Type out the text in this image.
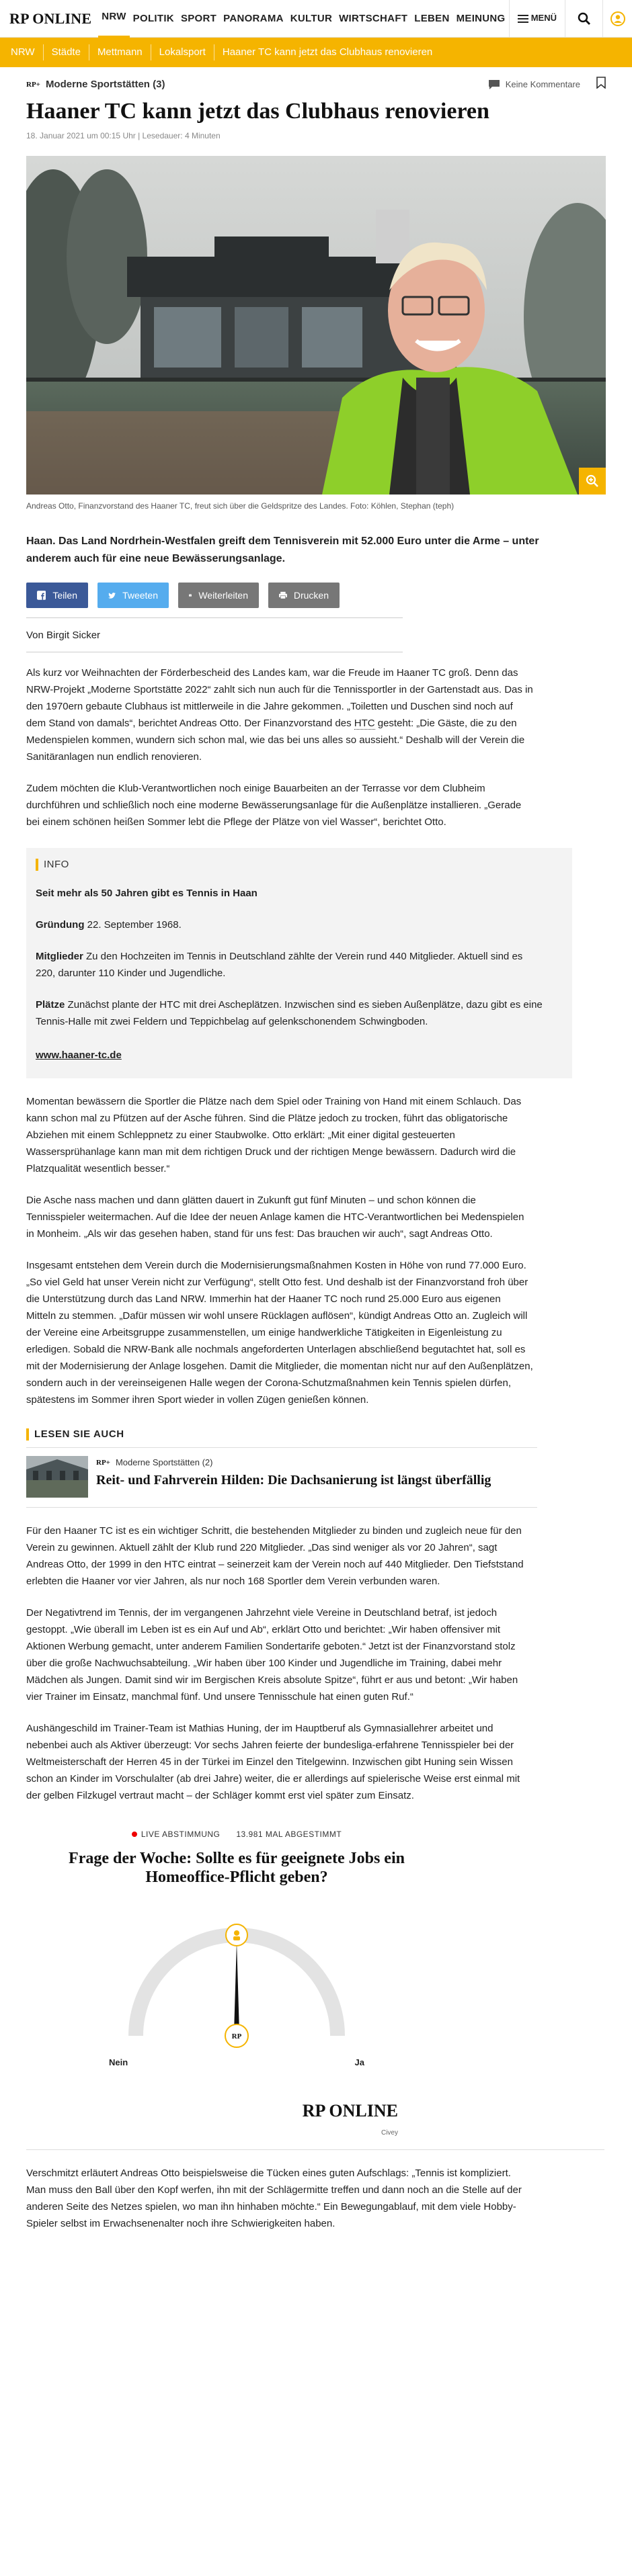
RP ONLINE	NRW POLITIK SPORT PANORAMA KULTUR WIRTSCHAFT LEBEN MEINUNG	MENÜ
NRW	Städte	Mettmann	Lokalsport	Haaner TC kann jetzt das Clubhaus renovieren
RP+ Moderne Sportstätten (3)	Keine Kommentare
Haaner TC kann jetzt das Clubhaus renovieren
18. Januar 2021 um 00:15 Uhr | Lesedauer: 4 Minuten
Andreas Otto, Finanzvorstand des Haaner TC, freut sich über die Geldspritze des Landes. Foto: Köhlen, Stephan (teph)

Haan. Das Land Nordrhein-Westfalen greift dem Tennisverein mit 52.000 Euro unter die Arme – unter anderem auch für eine neue Bewässerungsanlage.

Teilen	Tweeten	Weiterleiten	Drucken
Von Birgit Sicker

Als kurz vor Weihnachten der Förderbescheid des Landes kam, war die Freude im Haaner TC groß. Denn das NRW-Projekt „Moderne Sportstätte 2022“ zahlt sich nun auch für die Tennissportler in der Gartenstadt aus. Das in den 1970ern gebaute Clubhaus ist mittlerweile in die Jahre gekommen. „Toiletten und Duschen sind noch auf dem Stand von damals“, berichtet Andreas Otto. Der Finanzvorstand des HTC gesteht: „Die Gäste, die zu den Medenspielen kommen, wundern sich schon mal, wie das bei uns alles so aussieht.“ Deshalb will der Verein die Sanitäranlagen nun endlich renovieren.

Zudem möchten die Klub-Verantwortlichen noch einige Bauarbeiten an der Terrasse vor dem Clubheim durchführen und schließlich noch eine moderne Bewässerungsanlage für die Außenplätze installieren. „Gerade bei einem schönen heißen Sommer lebt die Pflege der Plätze von viel Wasser“, berichtet Otto.

INFO
Seit mehr als 50 Jahren gibt es Tennis in Haan

Gründung 22. September 1968.

Mitglieder Zu den Hochzeiten im Tennis in Deutschland zählte der Verein rund 440 Mitglieder. Aktuell sind es 220, darunter 110 Kinder und Jugendliche.

Plätze Zunächst plante der HTC mit drei Ascheplätzen. Inzwischen sind es sieben Außenplätze, dazu gibt es eine Tennis-Halle mit zwei Feldern und Teppichbelag auf gelenkschonendem Schwingboden.

www.haaner-tc.de

Momentan bewässern die Sportler die Plätze nach dem Spiel oder Training von Hand mit einem Schlauch. Das kann schon mal zu Pfützen auf der Asche führen. Sind die Plätze jedoch zu trocken, führt das obligatorische Abziehen mit einem Schleppnetz zu einer Staubwolke. Otto erklärt: „Mit einer digital gesteuerten Wassersprühanlage kann man mit dem richtigen Druck und der richtigen Menge bewässern. Dadurch wird die Platzqualität wesentlich besser.“

Die Asche nass machen und dann glätten dauert in Zukunft gut fünf Minuten – und schon können die Tennisspieler weitermachen. Auf die Idee der neuen Anlage kamen die HTC-Verantwortlichen bei Medenspielen in Monheim. „Als wir das gesehen haben, stand für uns fest: Das brauchen wir auch“, sagt Andreas Otto.

Insgesamt entstehen dem Verein durch die Modernisierungsmaßnahmen Kosten in Höhe von rund 77.000 Euro. „So viel Geld hat unser Verein nicht zur Verfügung“, stellt Otto fest. Und deshalb ist der Finanzvorstand froh über die Unterstützung durch das Land NRW. Immerhin hat der Haaner TC noch rund 25.000 Euro aus eigenen Mitteln zu stemmen. „Dafür müssen wir wohl unsere Rücklagen auflösen“, kündigt Andreas Otto an. Zugleich will der Vereine eine Arbeitsgruppe zusammenstellen, um einige handwerkliche Tätigkeiten in Eigenleistung zu erledigen. Sobald die NRW-Bank alle nochmals angeforderten Unterlagen abschließend begutachtet hat, soll es mit der Modernisierung der Anlage losgehen. Damit die Mitglieder, die momentan nicht nur auf den Außenplätzen, sondern auch in der vereinseigenen Halle wegen der Corona-Schutzmaßnahmen kein Tennis spielen dürfen, spätestens im Sommer ihren Sport wieder in vollen Zügen genießen können.

LESEN SIE AUCH
RP+ Moderne Sportstätten (2)
Reit- und Fahrverein Hilden: Die Dachsanierung ist längst überfällig

Für den Haaner TC ist es ein wichtiger Schritt, die bestehenden Mitglieder zu binden und zugleich neue für den Verein zu gewinnen. Aktuell zählt der Klub rund 220 Mitglieder. „Das sind weniger als vor 20 Jahren“, sagt Andreas Otto, der 1999 in den HTC eintrat – seinerzeit kam der Verein noch auf 440 Mitglieder. Den Tiefststand erlebten die Haaner vor vier Jahren, als nur noch 168 Sportler dem Verein verbunden waren.

Der Negativtrend im Tennis, der im vergangenen Jahrzehnt viele Vereine in Deutschland betraf, ist jedoch gestoppt. „Wie überall im Leben ist es ein Auf und Ab“, erklärt Otto und berichtet: „Wir haben offensiver mit Aktionen Werbung gemacht, unter anderem Familien Sondertarife geboten.“ Jetzt ist der Finanzvorstand stolz über die große Nachwuchsabteilung. „Wir haben über 100 Kinder und Jugendliche im Training, dabei mehr Mädchen als Jungen. Damit sind wir im Bergischen Kreis absolute Spitze“, führt er aus und betont: „Wir haben vier Trainer im Einsatz, manchmal fünf. Und unsere Tennisschule hat einen guten Ruf.“

Aushängeschild im Trainer-Team ist Mathias Huning, der im Hauptberuf als Gymnasiallehrer arbeitet und nebenbei auch als Aktiver überzeugt: Vor sechs Jahren feierte der bundesliga-erfahrene Tennisspieler bei der Weltmeisterschaft der Herren 45 in der Türkei im Einzel den Titelgewinn. Inzwischen gibt Huning sein Wissen schon an Kinder im Vorschulalter (ab drei Jahre) weiter, die er allerdings auf spielerische Weise erst einmal mit der gelben Filzkugel vertraut macht – der Schläger kommt erst viel später zum Einsatz.

LIVE ABSTIMMUNG 13.981 MAL ABGESTIMMT
Frage der Woche: Sollte es für geeignete Jobs ein Homeoffice-Pflicht geben?
RP
Nein	Ja
RP ONLINE
Civey

Verschmitzt erläutert Andreas Otto beispielsweise die Tücken eines guten Aufschlags: „Tennis ist kompliziert. Man muss den Ball über den Kopf werfen, ihn mit der Schlägermitte treffen und dann noch an die Stelle auf der anderen Seite des Netzes spielen, wo man ihn hinhaben möchte.“ Ein Bewegungablauf, mit dem viele Hobby-Spieler selbst im Erwachsenenalter noch ihre Schwierigkeiten haben.
